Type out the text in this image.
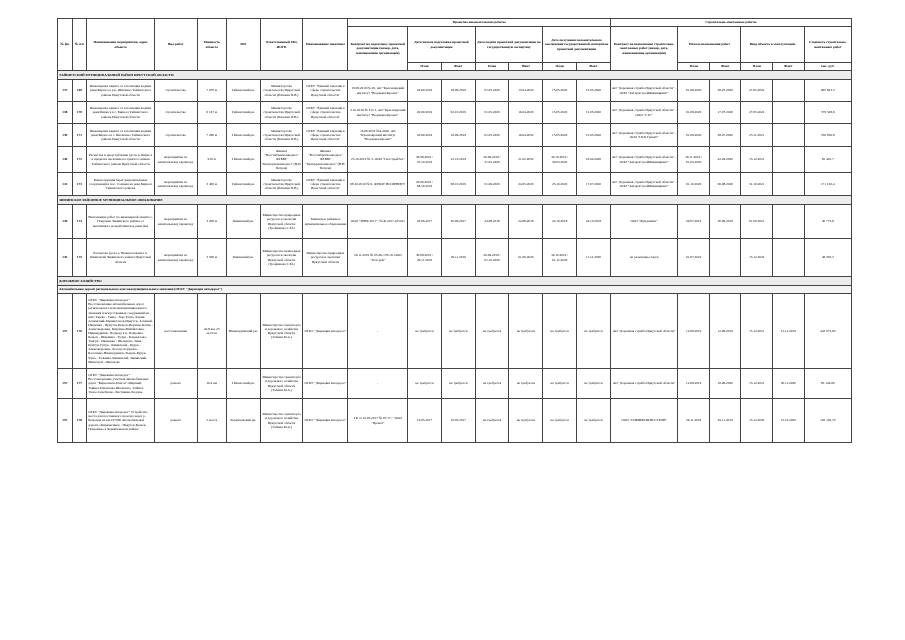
№ фп	№ п/п	Наименование мероприятия, адрес объекта	Вид работ	Мощность объекта	МО	Ответственный МО, ИОГВ	Наименование заказчика	Проектно-изыскательские работы							Строительно-монтажные работы					
								Контракт на подготовку проектной документации (номер, дата, наименование организации)	Дата начала подготовки проектной документации		Дата подачи проектной документации на государственную экспертизу		Дата получения положительного заключения государственной экспертизы проектной документации		Контракт на выполнение строительно-монтажных работ (номер, дата, наименование организации)	Начало выполнения работ		Ввод объекта в эксплуатацию		Стоимость строительно-монтажных работ
									План	Факт	План	Факт	План	Факт		План	Факт	План	Факт	тыс. руб.
ТАЙШЕТСКИЙ МУНИЦИПАЛЬНЫЙ РАЙОН ИРКУТСКОЙ ОБЛАСТИ																				
137	169	Инженерная защита от затопления водами реки Бирюса в р.п. Шиткино Тайшетского района Иркутской области	строительство	7 970 м	Тайшетский рн.	Министерство строительства Иркутской области (Плюхин П.Н.)	ОГКУ "Единый заказчик в сфере строительства Иркутской области"	19.09.2019 № 20, АО "Красноярский институт "Водоканалпроект"	20.09.2019	18.09.2019	01.05.2020	15.04.2020	15.05.2020	15.05.2020	АО "Дорожная служба Иркутской области" - ООО "АнгараСтройИнжиниринг"	01.08.2020	28.07.2020	27.05.2022		695 823,3
138	170	Инженерная защита от затопления водами реки Бирюса в с. Бирюса Тайшетского района Иркутской области	строительство	6 167 м	Тайшетский рн.	Министерство строительства Иркутской области (Плюхин П.Н.)	ОГКУ "Единый заказчик в сфере строительства Иркутской области"	2.10.2019 № 311/1, АО "Красноярский институт "Водоканалпроект"	20.09.2019	02.10.2019	01.05.2020	16.04.2020	15.05.2020	15.05.2020	АО "Дорожная служба Иркутской области" - ООО "СТС"	01.08.2020	17.07.2020	27.05.2022		579 328,6
139	171	Инженерная защита от затопления водами реки Бирюса в с. Шелехово Тайшетского района Иркутской области	строительство	7 290 м	Тайшетский рн.	Министерство строительства Иркутской области (Плюхин П.Н.)	ОГКУ "Единый заказчик в сфере строительства Иркутской области"	16.09.2019 №4-2020, АО "Красноярский институт "Водоканалпроект"	20.09.2019	16.09.2019	01.05.2020	16.04.2020	15.05.2020	15.05.2020	АО "Дорожная служба Иркутской области" - ООО "ПСК Гранит"	01.08.2020	28.07.2020	25.11.2021		530 956,8
140	172	Расчистка и дноуглубление русла р. Бирюса в пределах населенного пункта Соляная Тайшетского района Иркутской области	мероприятия по капитальному характеру	910 м	Тайшетский рн.	Филиал "Востсибрегионводхоз" ФГБВУ "Центррегионводхоз" (Н.Н. Петров)	Филиал "Востсибрегионводхоз" ФГБВУ "Центррегионводхоз" (Н.Н. Петров)	25.10.2019 № 5, ООО "ГеоСтройТех"	30.08.2019 / 25.10.2019	25.10.2019	20.09.2019 / 21.02.2020	21.02.2020	30.10.2019 / 30.03.2020	16.04.2020	АО "Дорожная служба Иркутской области" - ООО "АнгараСтройИнжиниринг"	30.11.2019 / 01.05.2020	22.04.2020	15.12.2021		65 445,7
141	173	Реконструкция берегоукрепительных сооружений в пос. Соляная на реке Бирюса Тайшетского района	мероприятия по капитальному характеру	3 400 м	Тайшетский рн.	Министерство строительства Иркутской области (Плюхин П.Н.)	ОГКУ "Единый заказчик в сфере строительства Иркутской области"	08.10.2019 № 9, ФГБОУ ВО ИРНИТУ	20.09.2019 / 08.10.2019	08.10.2019	01.06.2020	24.05.2020	25.10.2020	17.07.2020	АО "Дорожная служба Иркутской области" - ООО "АнгараСтройИнжиниринг"	01.10.2020	06.08.2020	31.10.2021		171 102,4
ЗИМИНСКОЕ РАЙОННОЕ МУНИЦИПАЛЬНОЕ ОБРАЗОВАНИЕ																				
140	174	Выполнение работ по инженерной защите с. Покровка Зиминского района от негативного воздействия вод реки Ока	мероприятия по капитальному характеру	3 200 м	Зиминский рн.	Министерство природных ресурсов и экологии Иркутской области (Трофимова С.М.)	Зиминское районное муниципальное образование	ООО "ЗЕНК 2017", № Ф.2017.225191	20.06.2017	20.06.2017	24.08.2018	24.08.2018	24.10.2018	24.10.2018	ООО "Фундамент"	29.07.2019	30.09.2019	01.09.2021		30 773,8
143	175	Расчистка русла р. Ныжносельнага п. Кимильтей Зиминского района Иркутской области	мероприятия по капитальному характеру	3 500 м	Зиминский рн.	Министерство природных ресурсов и экологии Иркутской области (Трофимова С.М.)	Министерство природных ресурсов и экологии Иркутской области	29.11.2019 № 03-60-176/19, ООО "ГеоСрой"	30.08.2019 / 29.11.2019	29.11.2019	20.09.2019 / 01.10.2020	01.09.2020	30.10.2019 / 01.12.2020	11.12.2020	не разыграны торги	01.07.2022		15.12.2022		46 393,3
ДОРОЖНОЕ ХОЗЯЙСТВО																				
Автомобильные дороги регионального или межмуниципального значения (ОГКУ "Дирекция автодорог")																				
157	176	ОГКУ "Дирекция автодорог" Восстановление автомобильных дорог регионального или межмуниципального значения и искусственных сооружений на них: Зарево - Тыма - Хор-Тагна, Харик-Аспинский-Харикотонов-Иркутск, Алзамай-Ивановка - Иркутск-Бельск-Верхнее-Котик - Александровка, Киргизы-Михайловка-Нижнеудинск, Подъезд к п. Покровка, Бельск - Ширинка - Тулун - Коновалово, Тангуи - Ивановка - Шелехово, Зима-Куйтун-Тулун - Кимильтей - Бурук - Александровка, Лесодолгоруково-Басалаево-Нижнеудинск, Тыреть-Бурук, Чуна - Тальяны, Кимильтей, Зиминский-Мингатуй - Шелехово	восстановление	42,8 км, 23 мостов	Нижнеудинский рн.	Министерство транспорта и дорожного хозяйства Иркутской области (Зобнин М.А.)	ОГКУ "Дирекция автодорог"	-	не требуется	не требуется	не требуется	не требуется	не требуется	не требуется	АО "Дорожная служба Иркутской области"	12.08.2019	12.09.2019	15.12.2021	31.12.2019	443 075,90
157	177	ОГКУ "Дирекция автодорог" Восстановление участков автомобильных дорог "Бирюсинск-Изегол"-Мирный, Тайшет-Шелехово-Шелехово, Тайшет-Талое-Сереброво, Листвянка-Ходоры	ремонт	16,4 км	Тайшетский рн.	Министерство транспорта и дорожного хозяйства Иркутской области (Зобнин М.А.)	ОГКУ "Дирекция автодорог"	-	не требуется	не требуется	не требуется	не требуется	не требуется	не требуется	АО "Дорожная служба Иркутской области"	12.08.2019	16.06.2020	15.12.2021	30.11.2020	83 144,90
157	178	ОГКУ "Дирекция автодорог" Устройство моста для постоянного проезда через р. Бельская на км 24+000 автомобильной дороги «Киреньгинск - Иркутск-Бельск-Покровка» в Черемховском районе	ремонт	2 моста	Черемховский рн.	Министерство транспорта и дорожного хозяйства Иркутской области (Зобнин М.А.)	ОГКУ "Дирекция автодорог"	ГК от 10.05.2017 № 07/17 / "ООО "Прокат"	10.05.2017	10.05.2017	не требуется	не требуется	не требуется	не требуется	ООО "СИБИРЬТРАНССТРОЙ"	26.11.2019	26.11.2019	15.12.2020	15.10.2020	162 120,70
